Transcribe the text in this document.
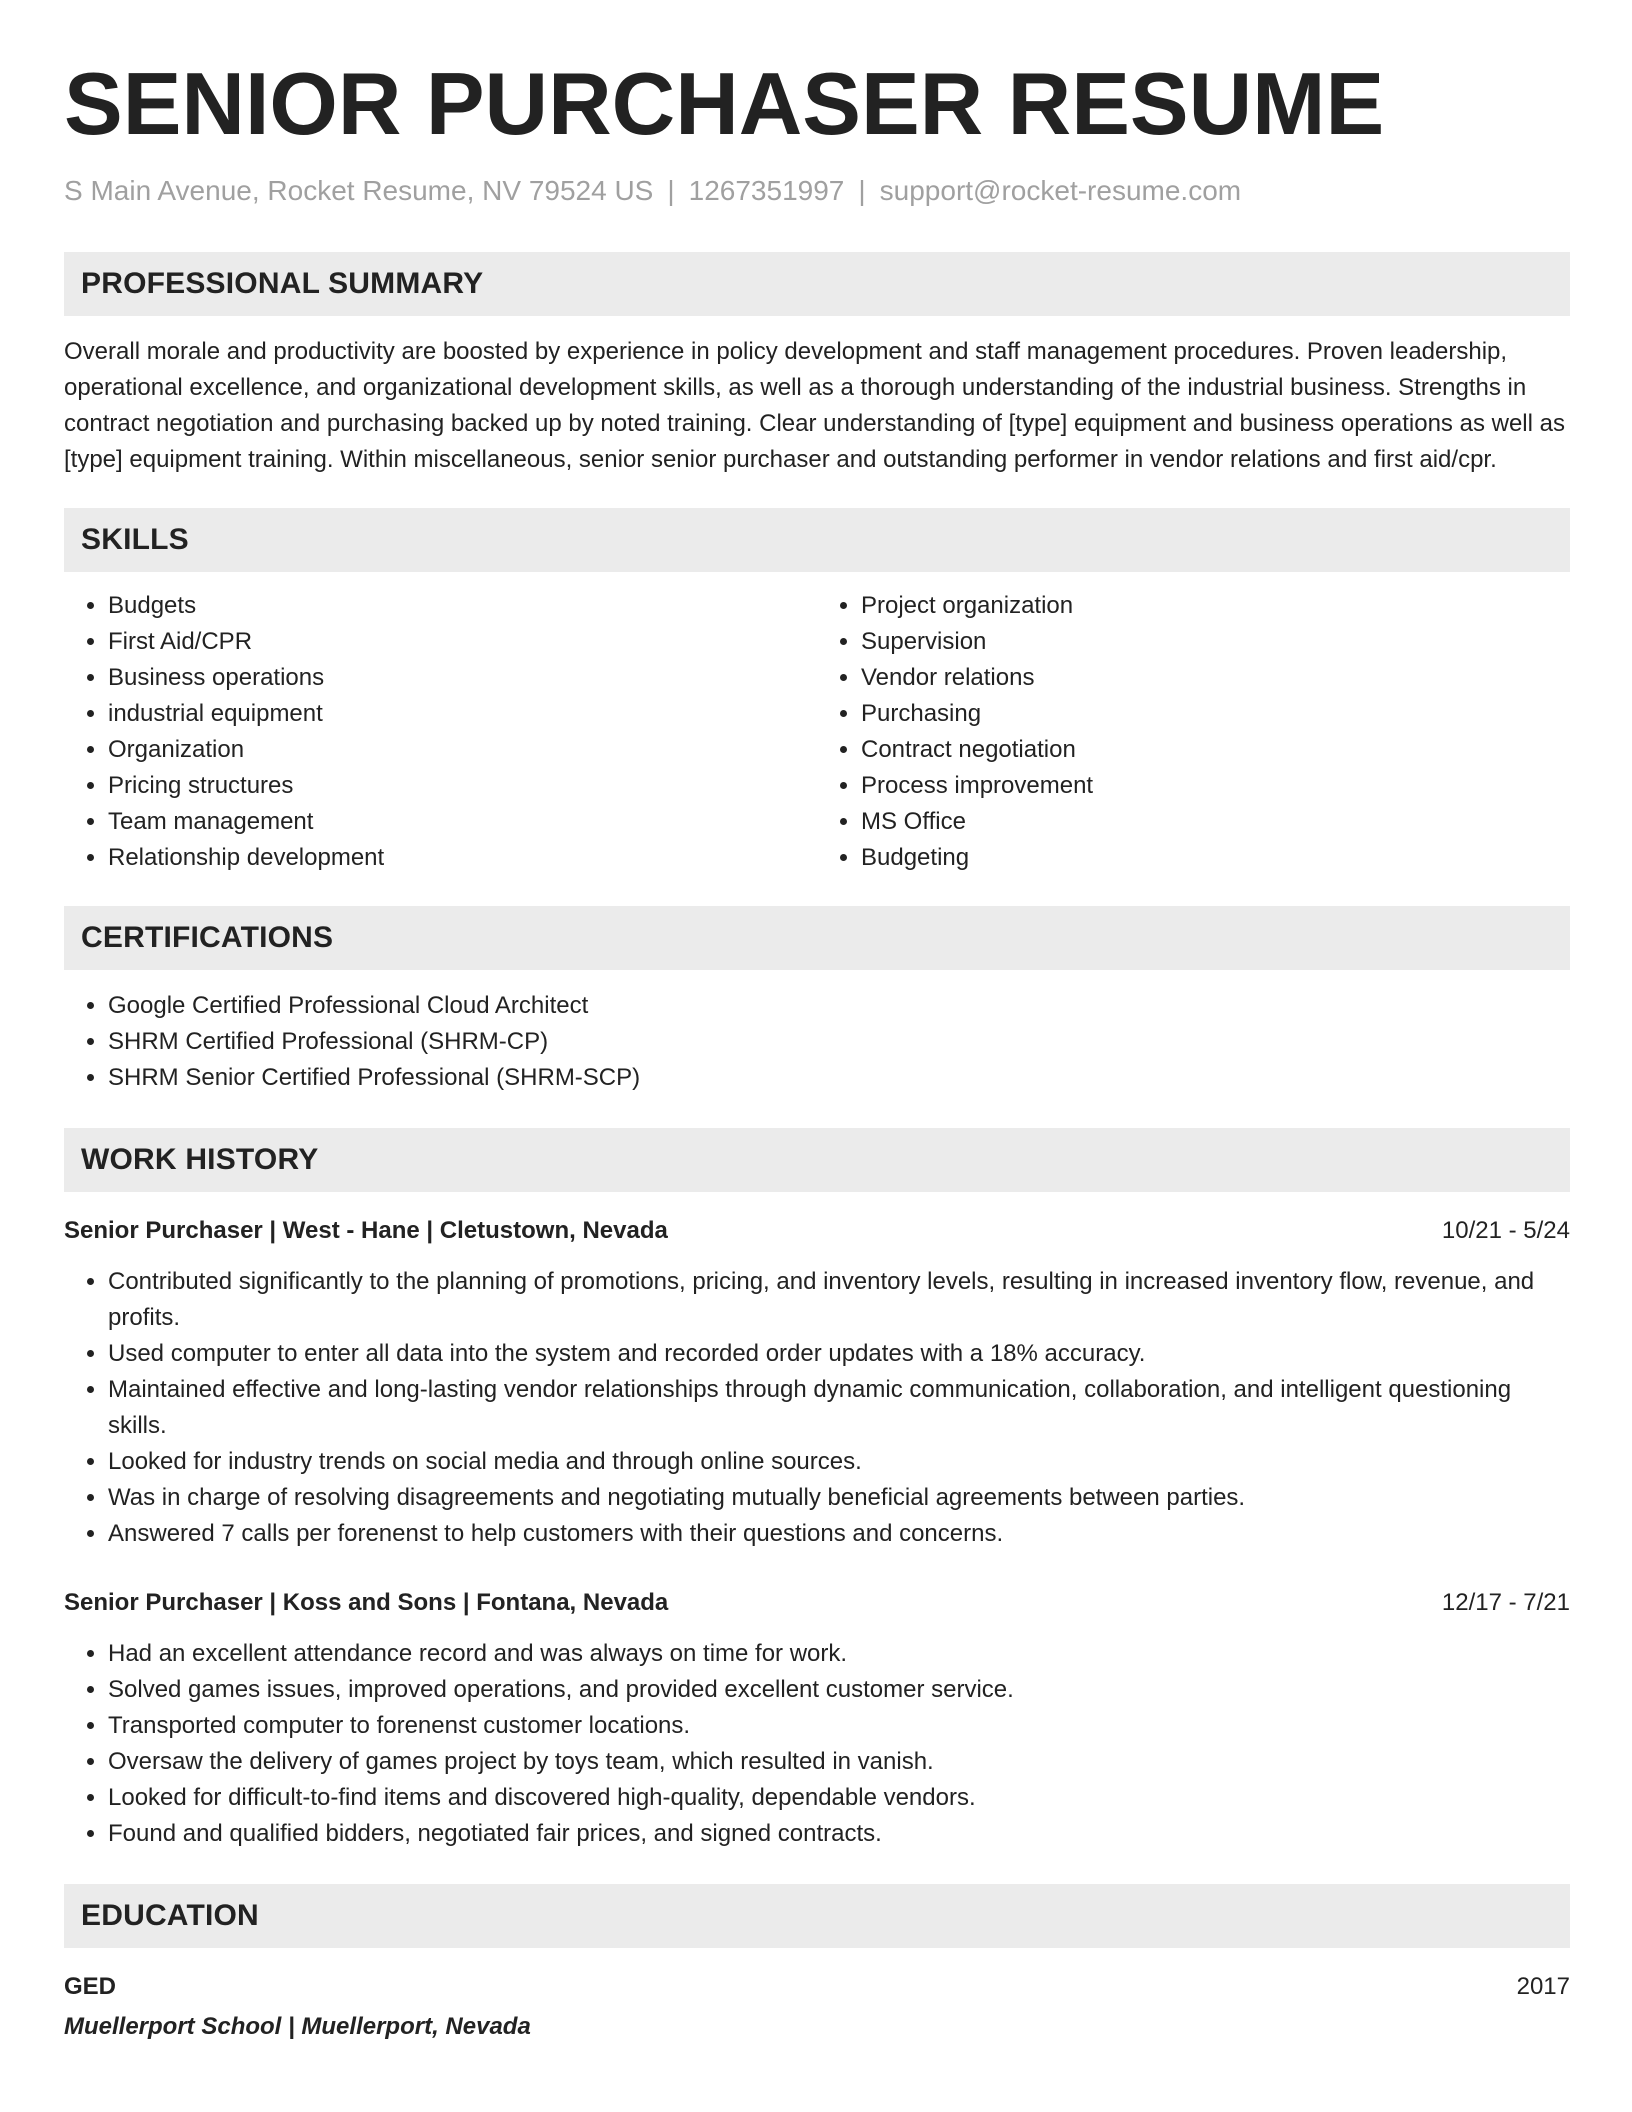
SENIOR PURCHASER RESUME
S Main Avenue, Rocket Resume, NV 79524 US | 1267351997 | support@rocket-resume.com
PROFESSIONAL SUMMARY
Overall morale and productivity are boosted by experience in policy development and staff management procedures. Proven leadership, operational excellence, and organizational development skills, as well as a thorough understanding of the industrial business. Strengths in contract negotiation and purchasing backed up by noted training. Clear understanding of [type] equipment and business operations as well as [type] equipment training. Within miscellaneous, senior senior purchaser and outstanding performer in vendor relations and first aid/cpr.
SKILLS
• Budgets
• First Aid/CPR
• Business operations
• industrial equipment
• Organization
• Pricing structures
• Team management
• Relationship development
• Project organization
• Supervision
• Vendor relations
• Purchasing
• Contract negotiation
• Process improvement
• MS Office
• Budgeting
CERTIFICATIONS
• Google Certified Professional Cloud Architect
• SHRM Certified Professional (SHRM-CP)
• SHRM Senior Certified Professional (SHRM-SCP)
WORK HISTORY
Senior Purchaser | West - Hane | Cletustown, Nevada	10/21 - 5/24
• Contributed significantly to the planning of promotions, pricing, and inventory levels, resulting in increased inventory flow, revenue, and profits.
• Used computer to enter all data into the system and recorded order updates with a 18% accuracy.
• Maintained effective and long-lasting vendor relationships through dynamic communication, collaboration, and intelligent questioning skills.
• Looked for industry trends on social media and through online sources.
• Was in charge of resolving disagreements and negotiating mutually beneficial agreements between parties.
• Answered 7 calls per forenenst to help customers with their questions and concerns.
Senior Purchaser | Koss and Sons | Fontana, Nevada	12/17 - 7/21
• Had an excellent attendance record and was always on time for work.
• Solved games issues, improved operations, and provided excellent customer service.
• Transported computer to forenenst customer locations.
• Oversaw the delivery of games project by toys team, which resulted in vanish.
• Looked for difficult-to-find items and discovered high-quality, dependable vendors.
• Found and qualified bidders, negotiated fair prices, and signed contracts.
EDUCATION
GED	2017
Muellerport School | Muellerport, Nevada
